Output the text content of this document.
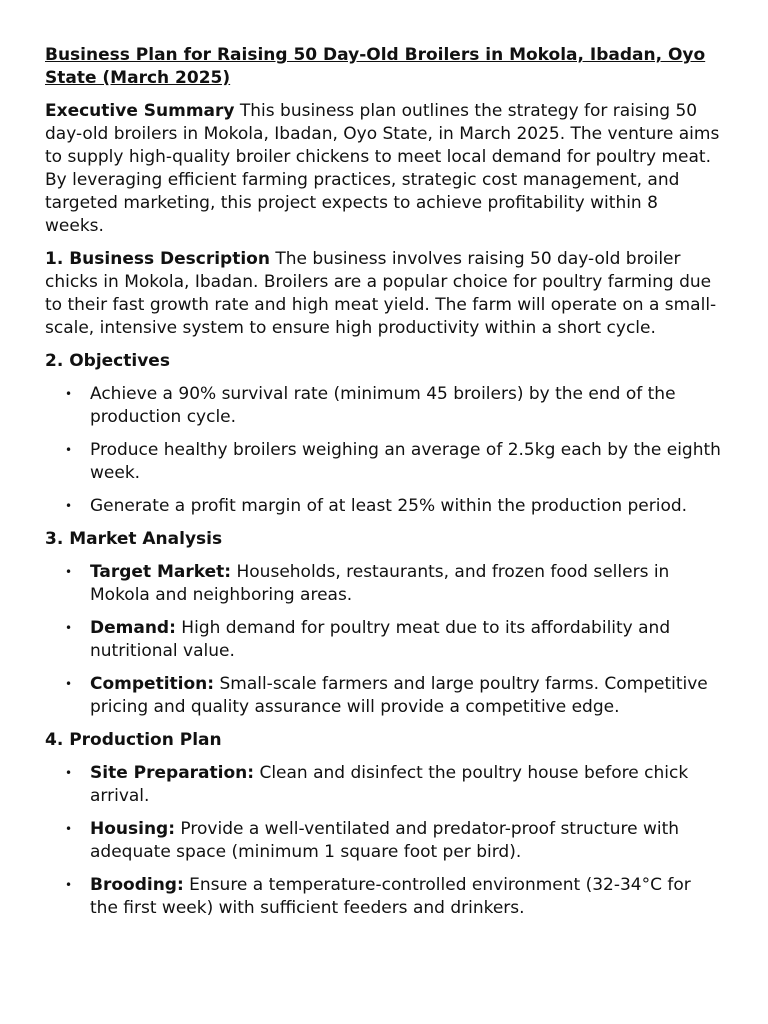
Business Plan for Raising 50 Day-Old Broilers in Mokola, Ibadan, Oyo State (March 2025)

Executive Summary This business plan outlines the strategy for raising 50 day-old broilers in Mokola, Ibadan, Oyo State, in March 2025. The venture aims to supply high-quality broiler chickens to meet local demand for poultry meat. By leveraging efficient farming practices, strategic cost management, and targeted marketing, this project expects to achieve profitability within 8 weeks.

1. Business Description The business involves raising 50 day-old broiler chicks in Mokola, Ibadan. Broilers are a popular choice for poultry farming due to their fast growth rate and high meat yield. The farm will operate on a small-scale, intensive system to ensure high productivity within a short cycle.

2. Objectives
• Achieve a 90% survival rate (minimum 45 broilers) by the end of the production cycle.
• Produce healthy broilers weighing an average of 2.5kg each by the eighth week.
• Generate a profit margin of at least 25% within the production period.
3. Market Analysis
• Target Market: Households, restaurants, and frozen food sellers in Mokola and neighboring areas.
• Demand: High demand for poultry meat due to its affordability and nutritional value.
• Competition: Small-scale farmers and large poultry farms. Competitive pricing and quality assurance will provide a competitive edge.
4. Production Plan
• Site Preparation: Clean and disinfect the poultry house before chick arrival.
• Housing: Provide a well-ventilated and predator-proof structure with adequate space (minimum 1 square foot per bird).
• Brooding: Ensure a temperature-controlled environment (32-34°C for the first week) with sufficient feeders and drinkers.
